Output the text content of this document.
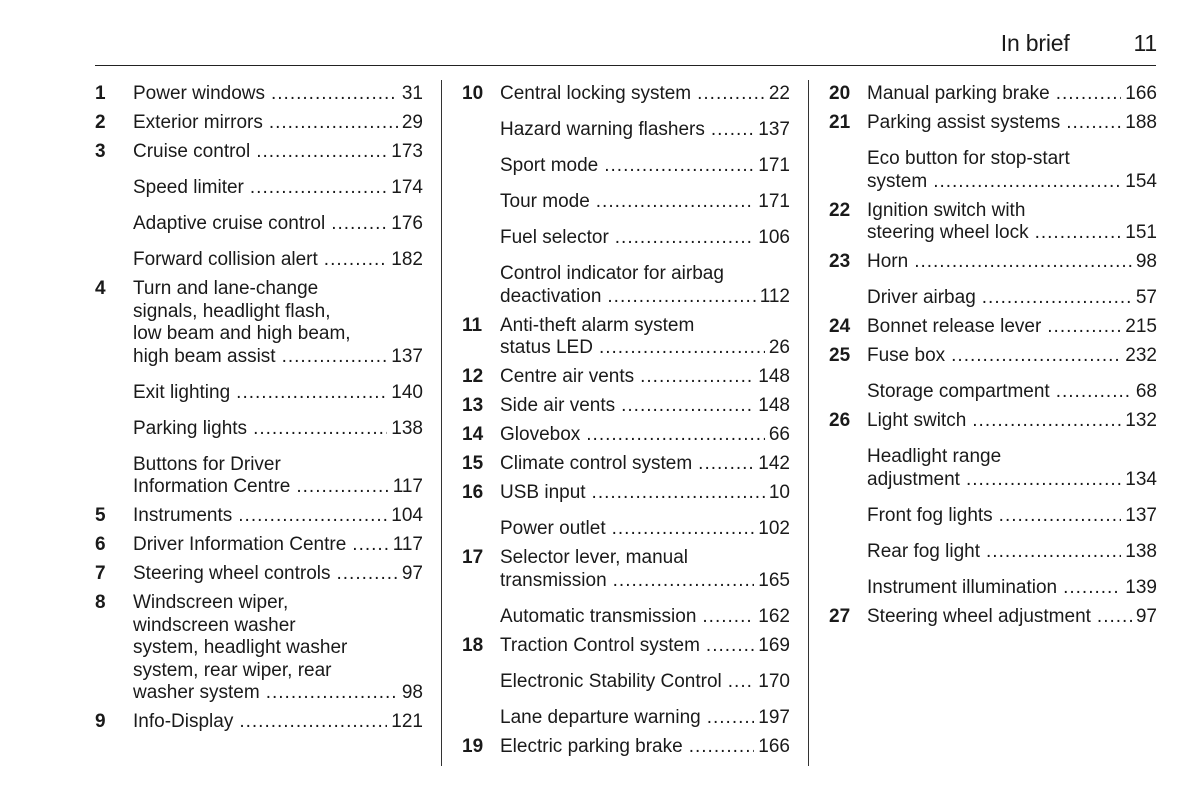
In brief	11
1	Power windows .....	31
2	Exterior mirrors .....	29
3	Cruise control .....	173
Speed limiter .....	174
Adaptive cruise control .....	176
Forward collision alert .....	182
4	Turn and lane-change
signals, headlight flash,
low beam and high beam,
high beam assist .....	137
Exit lighting .....	140
Parking lights .....	138
Buttons for Driver
Information Centre .....	117
5	Instruments .....	104
6	Driver Information Centre ..... 117
7	Steering wheel controls .....	97
8	Windscreen wiper,
windscreen washer
system, headlight washer
system, rear wiper, rear
washer system .....	98
9	Info-Display .....	121
10 Central locking system .....	22
Hazard warning flashers .....	137
Sport mode .....	171
Tour mode .....	171
Fuel selector .....	106
Control indicator for airbag
deactivation .....	112
11 Anti-theft alarm system
status LED .....	26
12 Centre air vents .....	148
13 Side air vents .....	148
14 Glovebox .....	66
15 Climate control system .....	142
16 USB input .....	10
Power outlet .....	102
17 Selector lever, manual
transmission .....	165
Automatic transmission .....	162
18 Traction Control system .....	169
Electronic Stability Control ..... 170
Lane departure warning .....	197
19 Electric parking brake .....	166
20 Manual parking brake .....	166
21 Parking assist systems .....	188
Eco button for stop-start
system .....	154
22 Ignition switch with
steering wheel lock .....	151
23 Horn .....	98
Driver airbag .....	57
24 Bonnet release lever .....	215
25 Fuse box .....	232
Storage compartment .....	68
26 Light switch .....	132
Headlight range
adjustment .....	134
Front fog lights .....	137
Rear fog light .....	138
Instrument illumination .....	139
27 Steering wheel adjustment ..... 97
